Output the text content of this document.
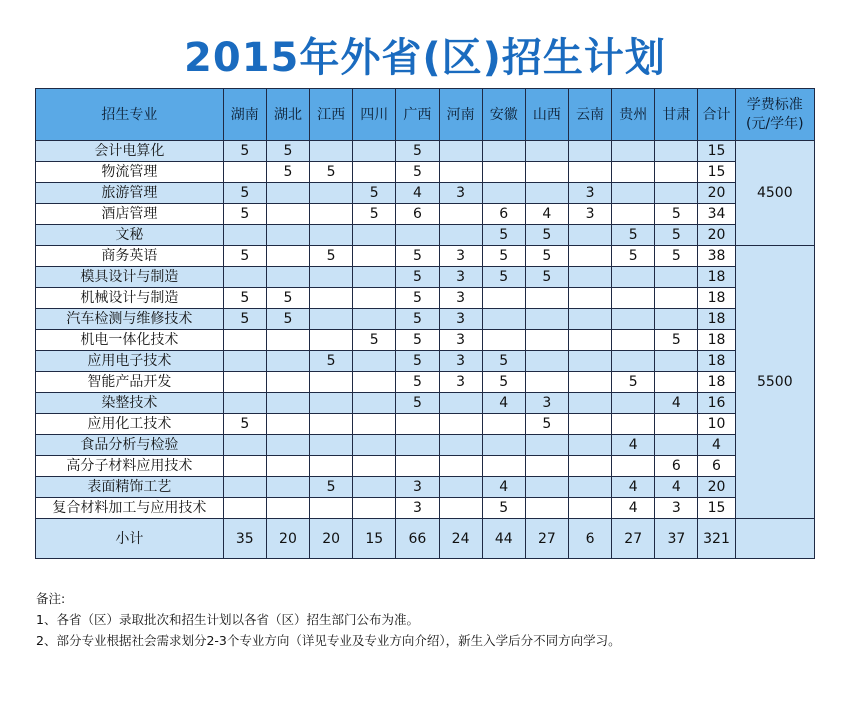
2015年外省(区)招生计划
招生专业	湖南	湖北	江西	四川	广西	河南	安徽	山西	云南	贵州	甘肃	合计	学费标准
(元/学年)
会计电算化	5	5			5							15	4500
物流管理		5	5		5							15	
旅游管理	5			5	4	3			3			20	
酒店管理	5			5	6		6	4	3		5	34	
文秘							5	5		5	5	20	
商务英语	5		5		5	3	5	5		5	5	38	5500
模具设计与制造					5	3	5	5				18	
机械设计与制造	5	5			5	3						18	
汽车检测与维修技术	5	5			5	3						18	
机电一体化技术				5	5	3					5	18	
应用电子技术			5		5	3	5					18	
智能产品开发					5	3	5			5		18	
染整技术					5		4	3			4	16	
应用化工技术	5							5				10	
食品分析与检验										4		4	
高分子材料应用技术											6	6	
表面精饰工艺			5		3		4			4	4	20	
复合材料加工与应用技术					3		5			4	3	15	
小计	35	20	20	15	66	24	44	27	6	27	37	321	
备注:
1、各省（区）录取批次和招生计划以各省（区）招生部门公布为准。
2、部分专业根据社会需求划分2-3个专业方向（详见专业及专业方向介绍），新生入学后分不同方向学习。
